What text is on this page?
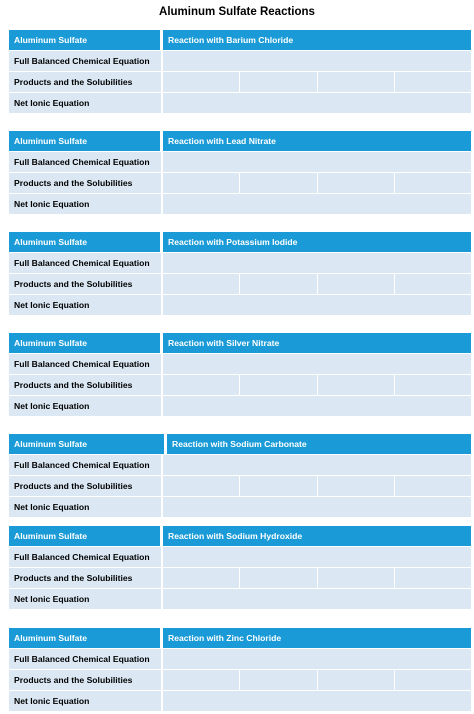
Aluminum Sulfate Reactions
Aluminum Sulfate	Reaction with Barium Chloride
Full Balanced Chemical Equation
Products and the Solubilities
Net Ionic Equation
Aluminum Sulfate	Reaction with Lead Nitrate
Full Balanced Chemical Equation
Products and the Solubilities
Net Ionic Equation
Aluminum Sulfate	Reaction with Potassium Iodide
Full Balanced Chemical Equation
Products and the Solubilities
Net Ionic Equation
Aluminum Sulfate	Reaction with Silver Nitrate
Full Balanced Chemical Equation
Products and the Solubilities
Net Ionic Equation
Aluminum Sulfate	Reaction with Sodium Carbonate
Full Balanced Chemical Equation
Products and the Solubilities
Net Ionic Equation
Aluminum Sulfate	Reaction with Sodium Hydroxide
Full Balanced Chemical Equation
Products and the Solubilities
Net Ionic Equation
Aluminum Sulfate	Reaction with Zinc Chloride
Full Balanced Chemical Equation
Products and the Solubilities
Net Ionic Equation
